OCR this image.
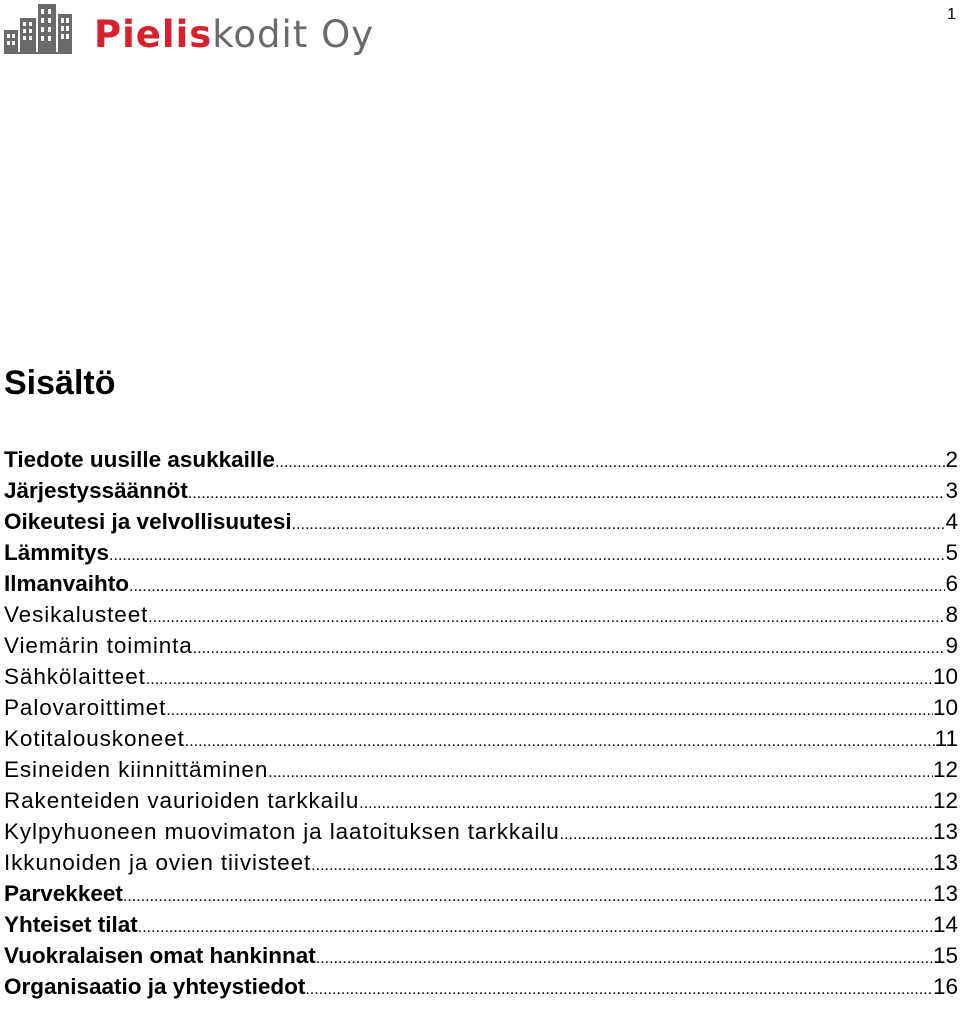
1
Pieliskodit Oy
Sisältö
Tiedote uusille asukkaille .....	2
Järjestyssäännöt .....	3
Oikeutesi ja velvollisuutesi .....	4
Lämmitys .....	5
Ilmanvaihto .....	6
Vesikalusteet .....	8
Viemärin toiminta .....	9
Sähkölaitteet .....	10
Palovaroittimet .....	10
Kotitalouskoneet .....	11
Esineiden kiinnittäminen .....	12
Rakenteiden vaurioiden tarkkailu .....	12
Kylpyhuoneen muovimaton ja laatoituksen tarkkailu .....	13
Ikkunoiden ja ovien tiivisteet .....	13
Parvekkeet .....	13
Yhteiset tilat .....	14
Vuokralaisen omat hankinnat .....	15
Organisaatio ja yhteystiedot .....	16
